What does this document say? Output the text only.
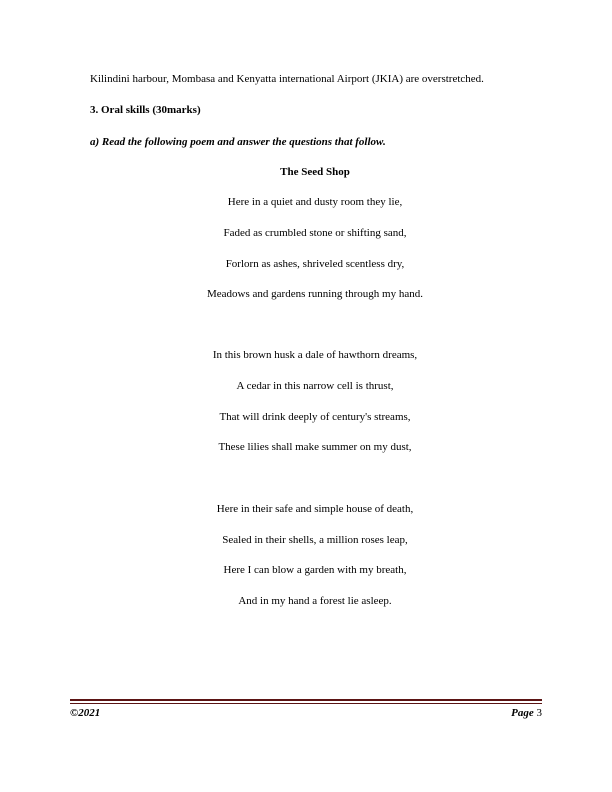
Kilindini harbour, Mombasa and Kenyatta international Airport (JKIA) are overstretched.
3. Oral skills (30marks)
a) Read the following poem and answer the questions that follow.
The Seed Shop
Here in a quiet and dusty room they lie,
Faded as crumbled stone or shifting sand,
Forlorn as ashes, shriveled scentless dry,
Meadows and gardens running through my hand.
In this brown husk a dale of hawthorn dreams,
A cedar in this narrow cell is thrust,
That will drink deeply of century's streams,
These lilies shall make summer on my dust,
Here in their safe and simple house of death,
Sealed in their shells, a million roses leap,
Here I can blow a garden with my breath,
And in my hand a forest lie asleep.
©2021	Page 3
